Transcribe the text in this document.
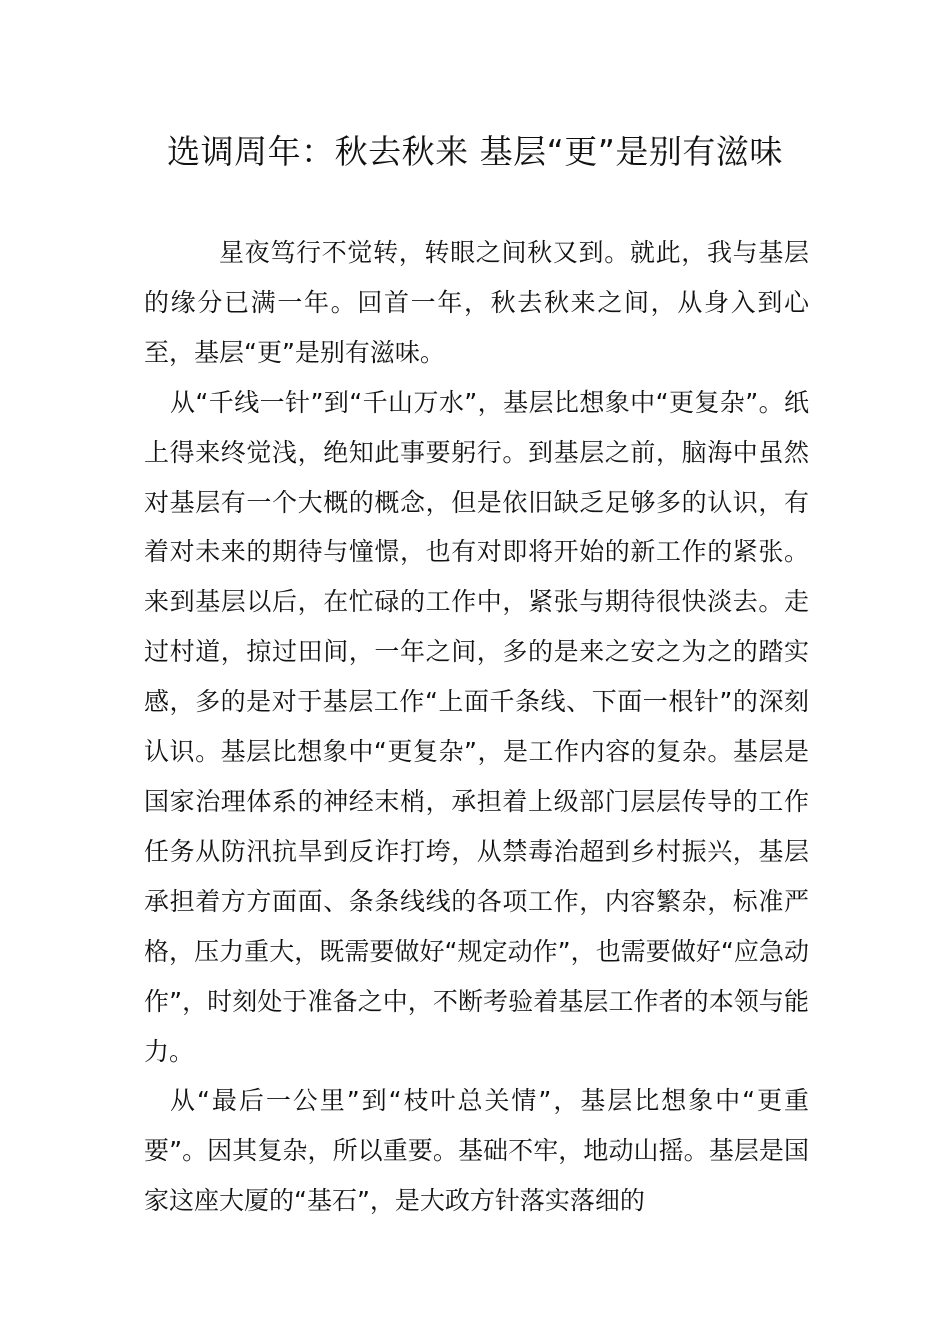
选调周年：秋去秋来 基层“更”是别有滋味

星夜笃行不觉转，转眼之间秋又到。就此，我与基层的缘分已满一年。回首一年，秋去秋来之间，从身入到心至，基层“更”是别有滋味。

从“千线一针”到“千山万水”，基层比想象中“更复杂”。纸上得来终觉浅，绝知此事要躬行。到基层之前，脑海中虽然对基层有一个大概的概念，但是依旧缺乏足够多的认识，有着对未来的期待与憧憬，也有对即将开始的新工作的紧张。来到基层以后，在忙碌的工作中，紧张与期待很快淡去。走过村道，掠过田间，一年之间，多的是来之安之为之的踏实感，多的是对于基层工作“上面千条线、下面一根针”的深刻认识。基层比想象中“更复杂”，是工作内容的复杂。基层是国家治理体系的神经末梢，承担着上级部门层层传导的工作任务从防汛抗旱到反诈打垮，从禁毒治超到乡村振兴，基层承担着方方面面、条条线线的各项工作，内容繁杂，标准严格，压力重大，既需要做好“规定动作”，也需要做好“应急动作”，时刻处于准备之中，不断考验着基层工作者的本领与能力。

从“最后一公里”到“枝叶总关情”，基层比想象中“更重要”。因其复杂，所以重要。基础不牢，地动山摇。基层是国家这座大厦的“基石”，是大政方针落实落细的
